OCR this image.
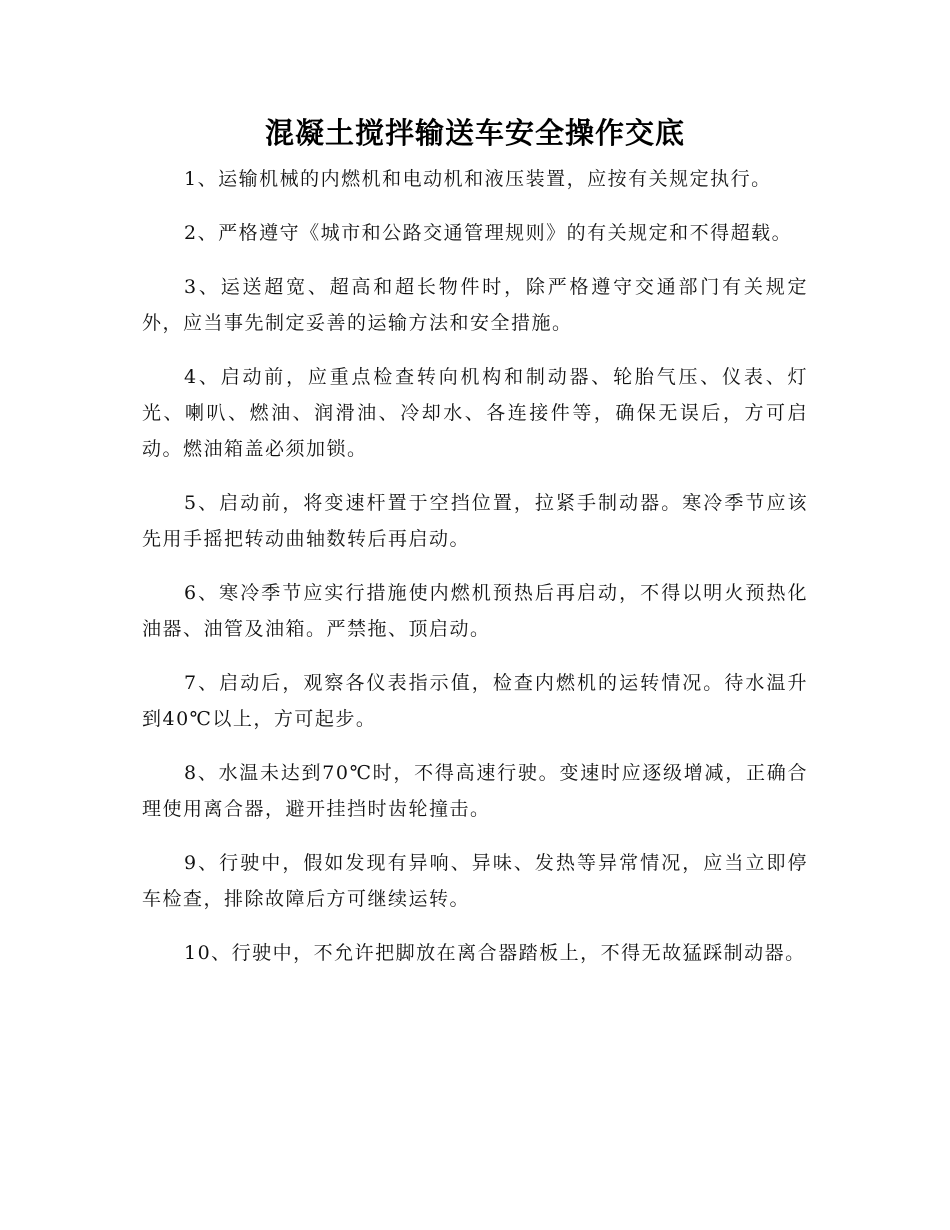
混凝土搅拌输送车安全操作交底

1、运输机械的内燃机和电动机和液压装置，应按有关规定执行。

2、严格遵守《城市和公路交通管理规则》的有关规定和不得超载。

3、运送超宽、超高和超长物件时，除严格遵守交通部门有关规定外，应当事先制定妥善的运输方法和安全措施。

4、启动前，应重点检查转向机构和制动器、轮胎气压、仪表、灯光、喇叭、燃油、润滑油、冷却水、各连接件等，确保无误后，方可启动。燃油箱盖必须加锁。

5、启动前，将变速杆置于空挡位置，拉紧手制动器。寒冷季节应该先用手摇把转动曲轴数转后再启动。

6、寒冷季节应实行措施使内燃机预热后再启动，不得以明火预热化油器、油管及油箱。严禁拖、顶启动。

7、启动后，观察各仪表指示值，检查内燃机的运转情况。待水温升到40℃以上，方可起步。

8、水温未达到70℃时，不得高速行驶。变速时应逐级增减，正确合理使用离合器，避开挂挡时齿轮撞击。

9、行驶中，假如发现有异响、异味、发热等异常情况，应当立即停车检查，排除故障后方可继续运转。

10、行驶中，不允许把脚放在离合器踏板上，不得无故猛踩制动器。
